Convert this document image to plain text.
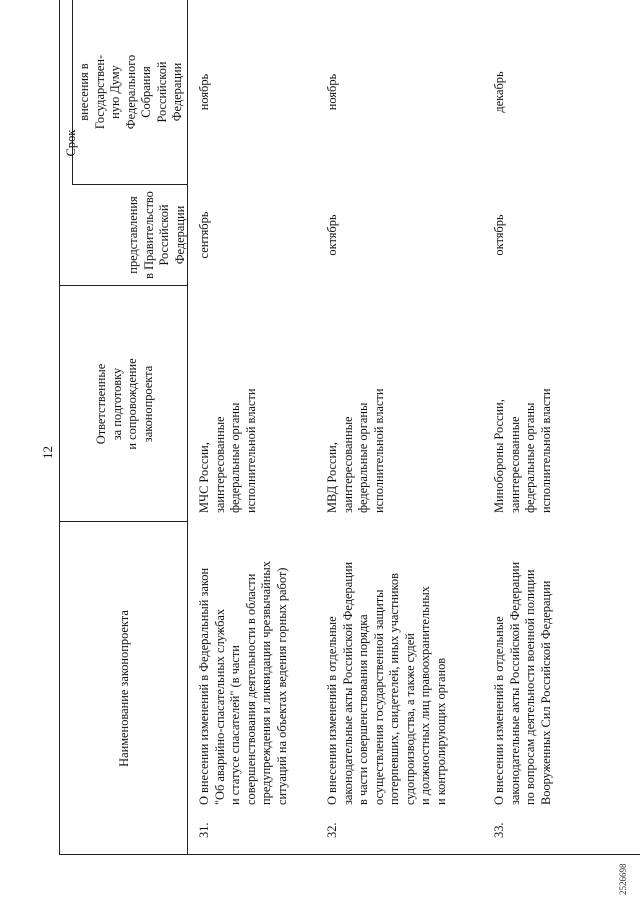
12
Наименование законопроекта
Ответственные за подготовку и сопровождение законопроекта
Срок
представления в Правительство Российской Федерации
внесения в Государствен- ную Думу Федерального Собрания Российской Федерации
31.
О внесении изменений в Федеральный закон "Об аварийно-спасательных службах и статусе спасателей" (в части совершенствования деятельности в области предупреждения и ликвидации чрезвычайных ситуаций на объектах ведения горных работ)
МЧС России, заинтересованные федеральные органы исполнительной власти
сентябрь
ноябрь
32.
О внесении изменений в отдельные законодательные акты Российской Федерации в части совершенствования порядка осуществления государственной защиты потерпевших, свидетелей, иных участников судопроизводства, а также судей и должностных лиц правоохранительных и контролирующих органов
МВД России, заинтересованные федеральные органы исполнительной власти
октябрь
ноябрь
33.
О внесении изменений в отдельные законодательные акты Российской Федерации по вопросам деятельности военной полиции Вооруженных Сил Российской Федерации
Минобороны России, заинтересованные федеральные органы исполнительной власти
октябрь
декабрь
2526698
